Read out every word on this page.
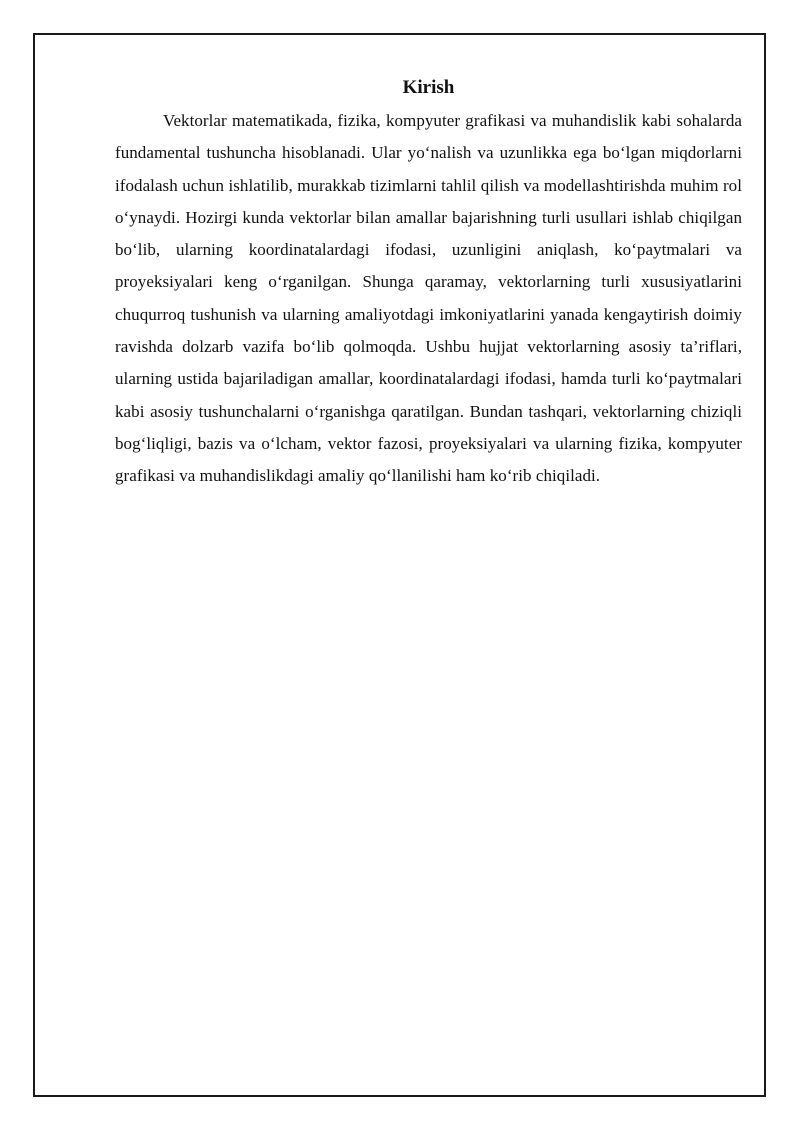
Kirish

Vektorlar matematikada, fizika, kompyuter grafikasi va muhandislik kabi sohalarda fundamental tushuncha hisoblanadi. Ular yo‘nalish va uzunlikka ega bo‘lgan miqdorlarni ifodalash uchun ishlatilib, murakkab tizimlarni tahlil qilish va modellashtirishda muhim rol o‘ynaydi. Hozirgi kunda vektorlar bilan amallar bajarishning turli usullari ishlab chiqilgan bo‘lib, ularning koordinatalardagi ifodasi, uzunligini aniqlash, ko‘paytmalari va proyeksiyalari keng o‘rganilgan. Shunga qaramay, vektorlarning turli xususiyatlarini chuqurroq tushunish va ularning amaliyotdagi imkoniyatlarini yanada kengaytirish doimiy ravishda dolzarb vazifa bo‘lib qolmoqda. Ushbu hujjat vektorlarning asosiy ta’riflari, ularning ustida bajariladigan amallar, koordinatalardagi ifodasi, hamda turli ko‘paytmalari kabi asosiy tushunchalarni o‘rganishga qaratilgan. Bundan tashqari, vektorlarning chiziqli bog‘liqligi, bazis va o‘lcham, vektor fazosi, proyeksiyalari va ularning fizika, kompyuter grafikasi va muhandislikdagi amaliy qo‘llanilishi ham ko‘rib chiqiladi.
